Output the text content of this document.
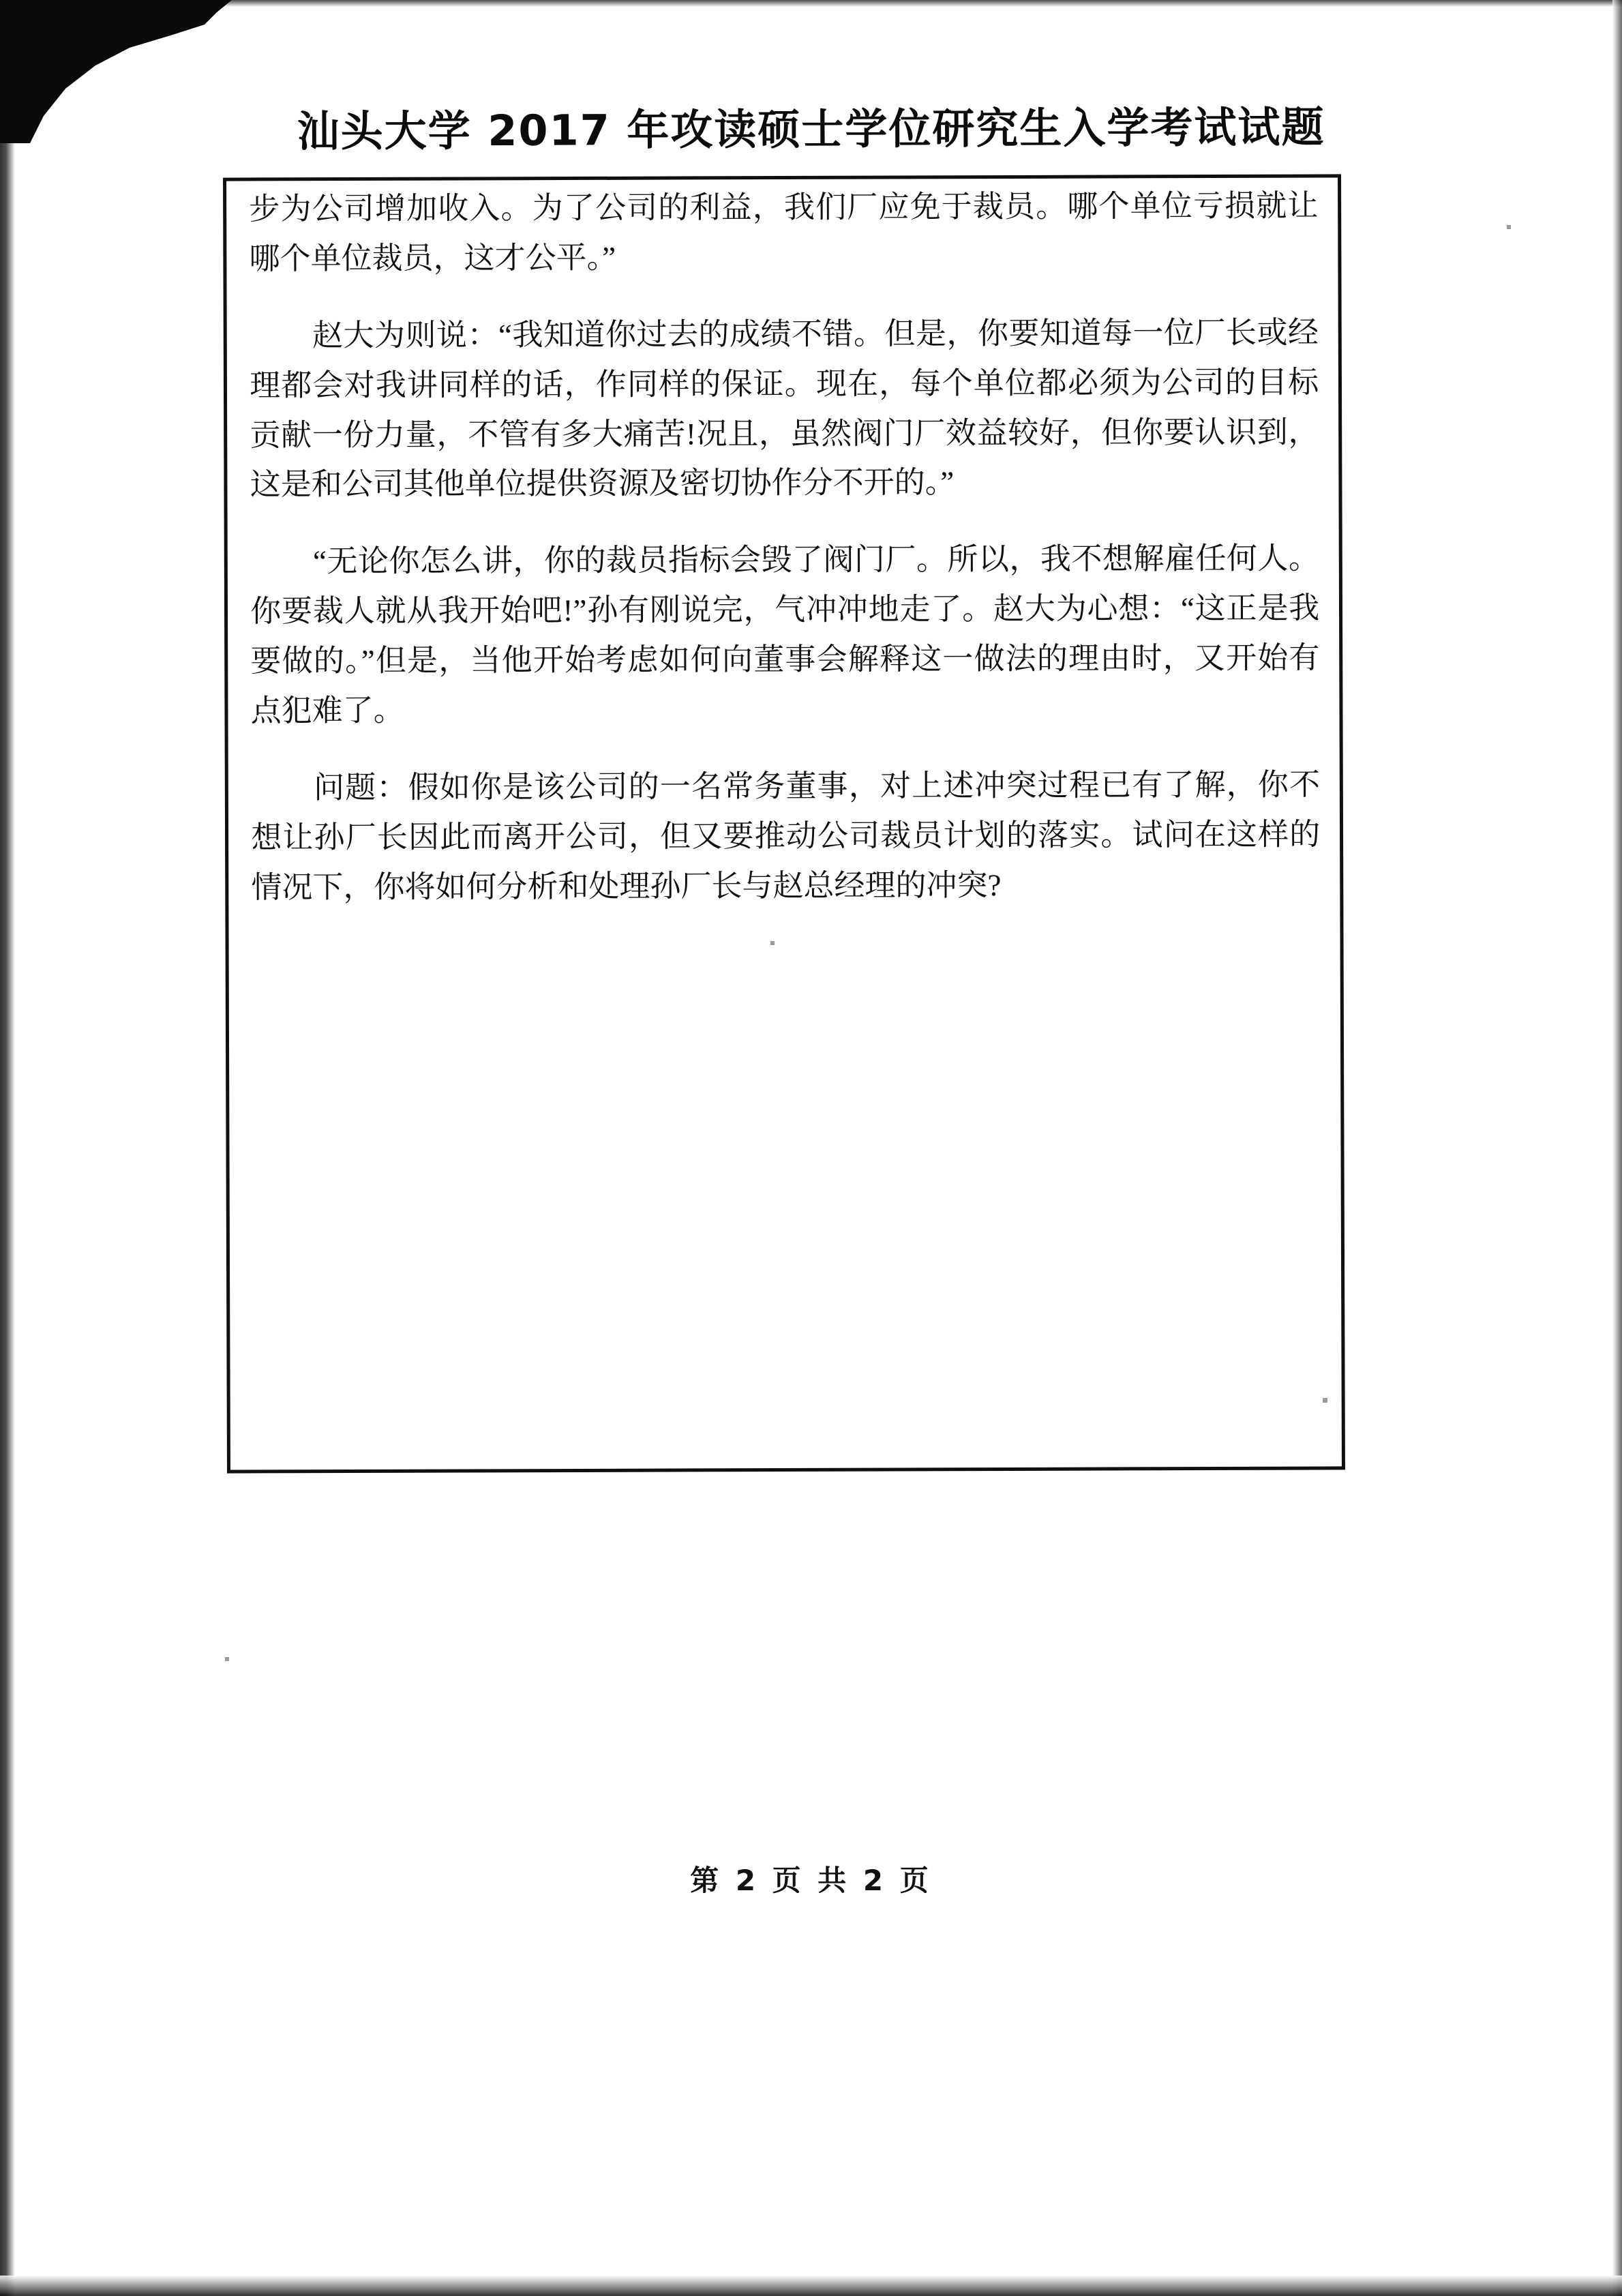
汕头大学 2017 年攻读硕士学位研究生入学考试试题

步为公司增加收入。为了公司的利益，我们厂应免于裁员。哪个单位亏损就让哪个单位裁员，这才公平。”

赵大为则说：“我知道你过去的成绩不错。但是，你要知道每一位厂长或经理都会对我讲同样的话，作同样的保证。现在，每个单位都必须为公司的目标贡献一份力量，不管有多大痛苦!况且，虽然阀门厂效益较好，但你要认识到，这是和公司其他单位提供资源及密切协作分不开的。”

“无论你怎么讲，你的裁员指标会毁了阀门厂。所以，我不想解雇任何人。你要裁人就从我开始吧!”孙有刚说完，气冲冲地走了。赵大为心想：“这正是我要做的。”但是，当他开始考虑如何向董事会解释这一做法的理由时，又开始有点犯难了。

问题：假如你是该公司的一名常务董事，对上述冲突过程已有了解，你不想让孙厂长因此而离开公司，但又要推动公司裁员计划的落实。试问在这样的情况下，你将如何分析和处理孙厂长与赵总经理的冲突?

第 2 页 共 2 页
